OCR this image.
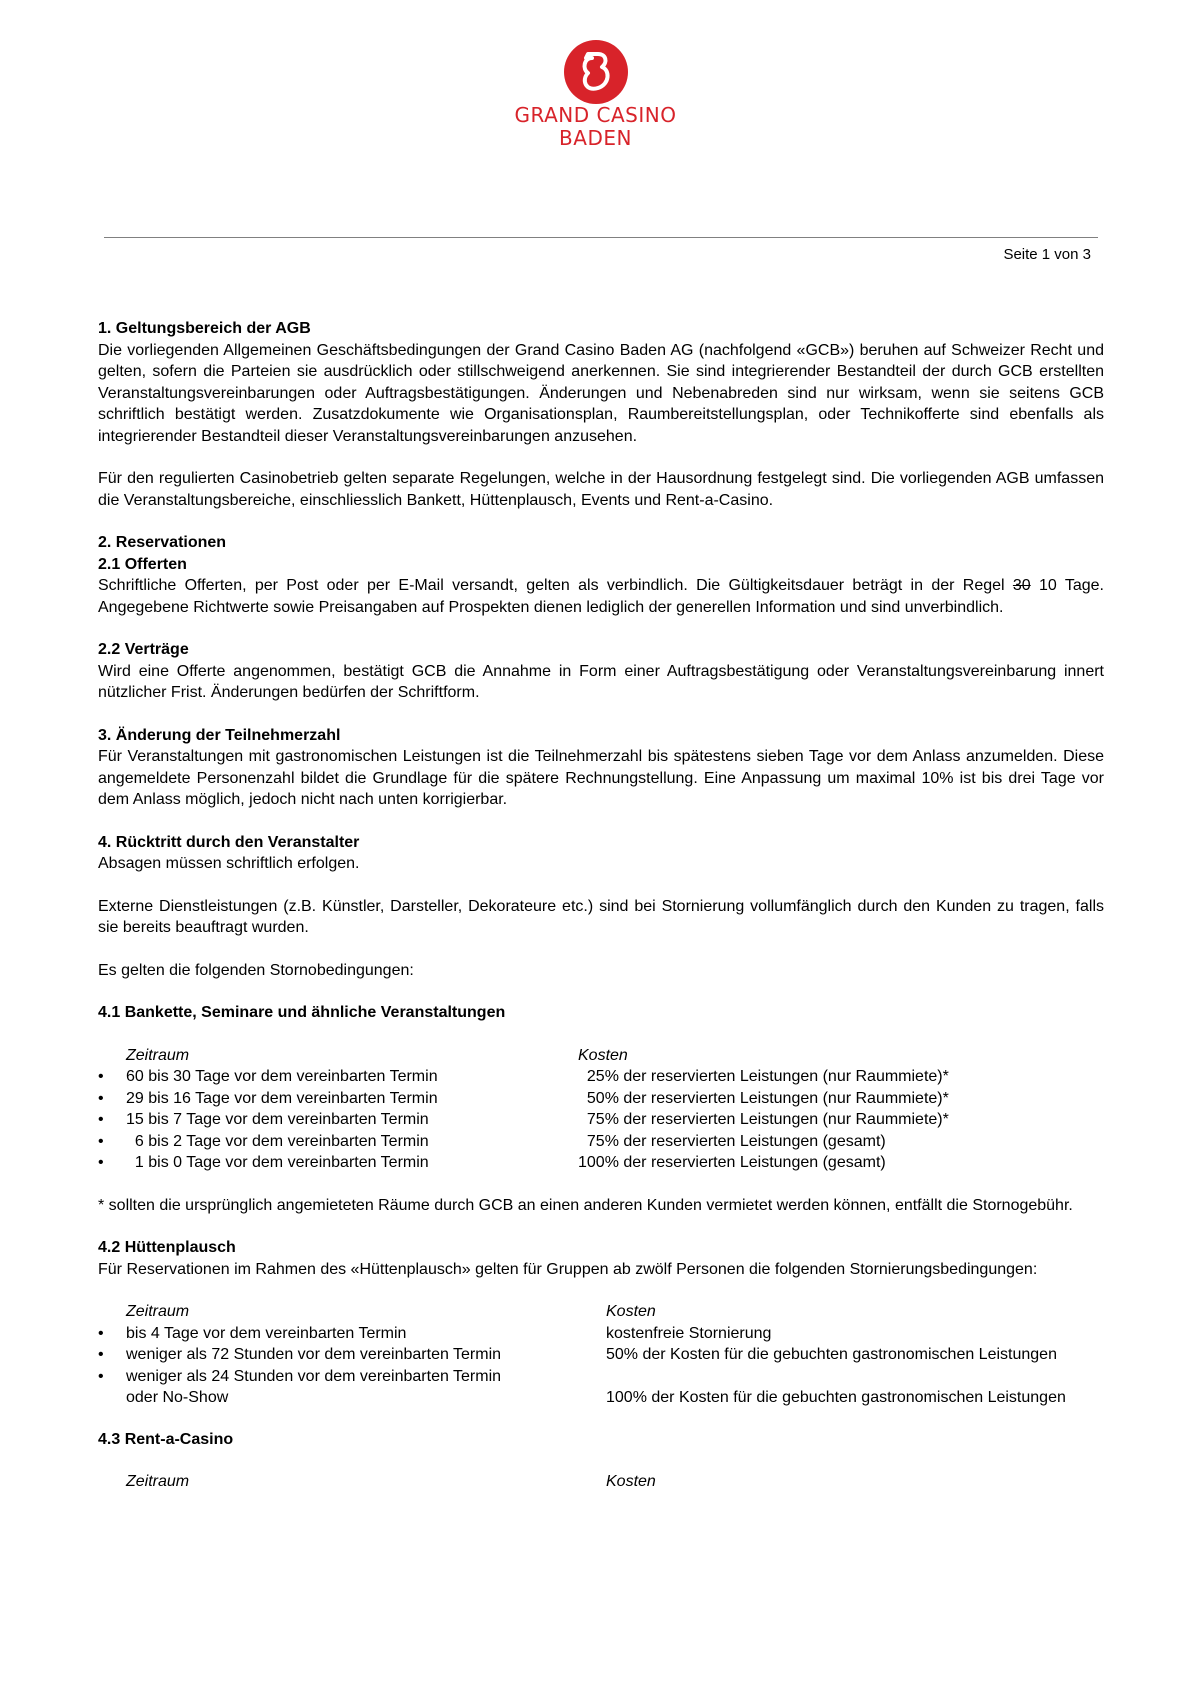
GRAND CASINO
BADEN
Seite 1 von 3

1. Geltungsbereich der AGB

Die vorliegenden Allgemeinen Geschäftsbedingungen der Grand Casino Baden AG (nachfolgend «GCB») beruhen auf Schweizer Recht und gelten, sofern die Parteien sie ausdrücklich oder stillschweigend anerkennen. Sie sind integrierender Bestandteil der durch GCB erstellten Veranstaltungsvereinbarungen oder Auftragsbestätigungen. Änderungen und Nebenabreden sind nur wirksam, wenn sie seitens GCB schriftlich bestätigt werden. Zusatzdokumente wie Organisationsplan, Raumbereitstellungsplan, oder Technikofferte sind ebenfalls als integrierender Bestandteil dieser Veranstaltungsvereinbarungen anzusehen.

Für den regulierten Casinobetrieb gelten separate Regelungen, welche in der Hausordnung festgelegt sind. Die vorliegenden AGB umfassen die Veranstaltungsbereiche, einschliesslich Bankett, Hüttenplausch, Events und Rent-a-Casino.

2. Reservationen

2.1 Offerten

Schriftliche Offerten, per Post oder per E-Mail versandt, gelten als verbindlich. Die Gültigkeitsdauer beträgt in der Regel 30 10 Tage. Angegebene Richtwerte sowie Preisangaben auf Prospekten dienen lediglich der generellen Information und sind unverbindlich.

2.2 Verträge

Wird eine Offerte angenommen, bestätigt GCB die Annahme in Form einer Auftragsbestätigung oder Veranstaltungsvereinbarung innert nützlicher Frist. Änderungen bedürfen der Schriftform.

3. Änderung der Teilnehmerzahl

Für Veranstaltungen mit gastronomischen Leistungen ist die Teilnehmerzahl bis spätestens sieben Tage vor dem Anlass anzumelden. Diese angemeldete Personenzahl bildet die Grundlage für die spätere Rechnungstellung. Eine Anpassung um maximal 10% ist bis drei Tage vor dem Anlass möglich, jedoch nicht nach unten korrigierbar.

4. Rücktritt durch den Veranstalter

Absagen müssen schriftlich erfolgen.

Externe Dienstleistungen (z.B. Künstler, Darsteller, Dekorateure etc.) sind bei Stornierung vollumfänglich durch den Kunden zu tragen, falls sie bereits beauftragt wurden.

Es gelten die folgenden Stornobedingungen:

4.1 Bankette, Seminare und ähnliche Veranstaltungen

Zeitraum	Kosten
•	60 bis 30 Tage vor dem vereinbarten Termin	25% der reservierten Leistungen (nur Raummiete)*
•	29 bis 16 Tage vor dem vereinbarten Termin	50% der reservierten Leistungen (nur Raummiete)*
•	15 bis 7 Tage vor dem vereinbarten Termin	75% der reservierten Leistungen (nur Raummiete)*
•	6 bis 2 Tage vor dem vereinbarten Termin	75% der reservierten Leistungen (gesamt)
•	1 bis 0 Tage vor dem vereinbarten Termin	100% der reservierten Leistungen (gesamt)

* sollten die ursprünglich angemieteten Räume durch GCB an einen anderen Kunden vermietet werden können, entfällt die Stornogebühr.

4.2 Hüttenplausch

Für Reservationen im Rahmen des «Hüttenplausch» gelten für Gruppen ab zwölf Personen die folgenden Stornierungsbedingungen:

Zeitraum	Kosten
•	bis 4 Tage vor dem vereinbarten Termin	kostenfreie Stornierung
•	weniger als 72 Stunden vor dem vereinbarten Termin	50% der Kosten für die gebuchten gastronomischen Leistungen
•	weniger als 24 Stunden vor dem vereinbarten Termin
oder No-Show	100% der Kosten für die gebuchten gastronomischen Leistungen

4.3 Rent-a-Casino

Zeitraum	Kosten
